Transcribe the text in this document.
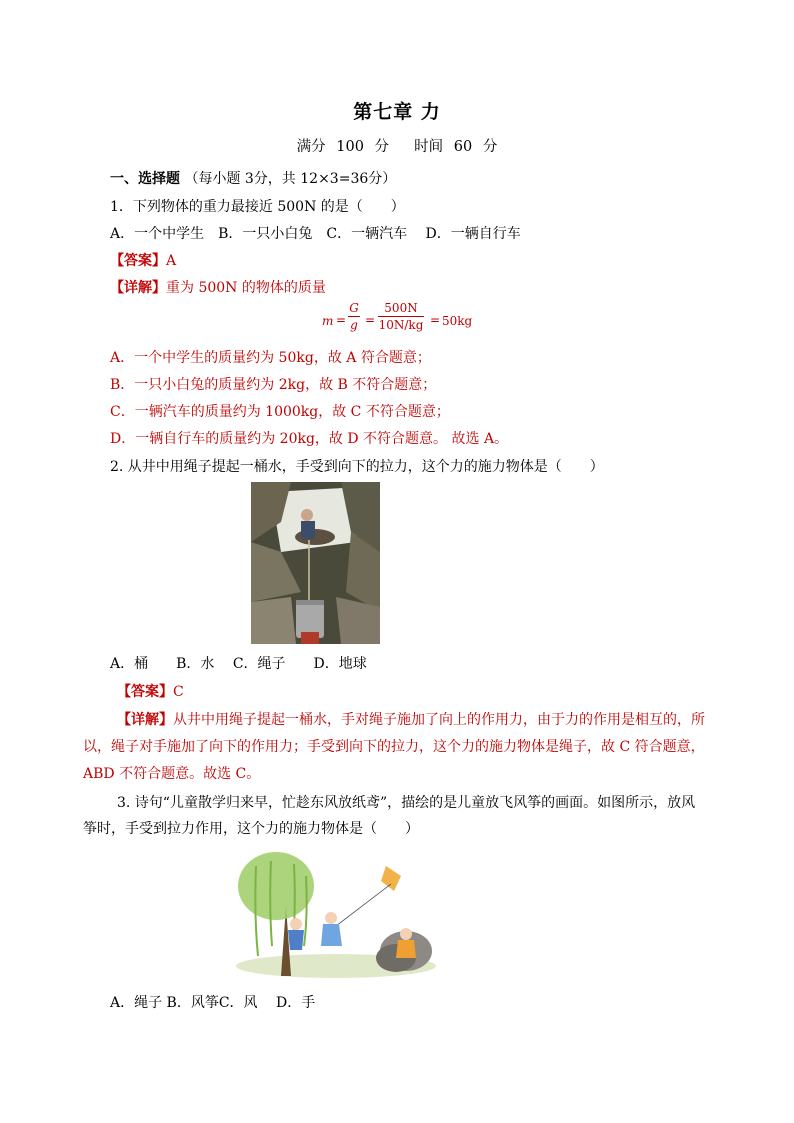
第七章 力
满分 100 分　 时间 60 分
一、选择题 （每小题 3分，共 12×3=36分）
1．下列物体的重力最接近 500N 的是（　　）
A．一个中学生　B．一只小白兔　C．一辆汽车　 D．一辆自行车
【答案】A
【详解】重为 500N 的物体的质量
m =
G
g =
500N
10N/kg = 50kg
A．一个中学生的质量约为 50kg，故 A 符合题意；
B．一只小白兔的质量约为 2kg，故 B 不符合题意；
C．一辆汽车的质量约为 1000kg，故 C 不符合题意；
D．一辆自行车的质量约为 20kg，故 D 不符合题意。 故选 A。
2. 从井中用绳子提起一桶水，手受到向下的拉力，这个力的施力物体是（　　）
A．桶　　B．水　 C．绳子　　D．地球
【答案】C
【详解】从井中用绳子提起一桶水，手对绳子施加了向上的作用力，由于力的作用是相互的，所
以，绳子对手施加了向下的作用力；手受到向下的拉力，这个力的施力物体是绳子，故 C 符合题意，
ABD 不符合题意。故选 C。
3. 诗句“儿童散学归来早，忙趁东风放纸鸢”，描绘的是儿童放飞风筝的画面。如图所示，放风
筝时，手受到拉力作用，这个力的施力物体是（　　）
A．绳子 B．风筝C．风　 D．手
